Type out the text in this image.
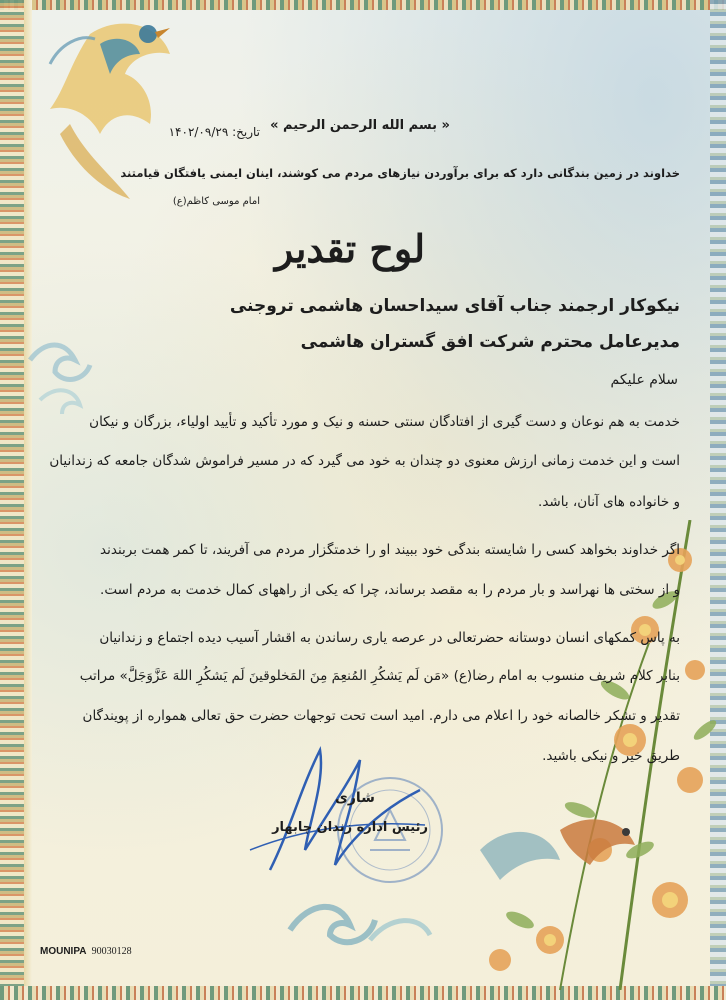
« بسم الله الرحمن الرحیم »
تاریخ: ۱۴۰۲/۰۹/۲۹
خداوند در زمین بندگانی دارد که برای برآوردن نیازهای مردم می کوشند، اینان ایمنی یافتگان قیامتند
امام موسی کاظم(ع)
لوح تقدیر
نیکوکار ارجمند جناب آقای سیداحسان هاشمی تروجنی
مدیرعامل محترم شرکت افق گستران هاشمی
سلام علیکم
خدمت به هم نوعان و دست گیری از افتادگان سنتی حسنه و نیک و مورد تأکید و تأیید اولیاء، بزرگان و نیکان
است و این خدمت زمانی ارزش معنوی دو چندان به خود می گیرد که در مسیر فراموش شدگان جامعه که زندانیان
و خانواده های آنان، باشد.
اگر خداوند بخواهد کسی را شایسته بندگی خود ببیند او را خدمتگزار مردم می آفریند، تا کمر همت بربندند
و از سختی ها نهراسد و بار مردم را به مقصد برساند، چرا که یکی از راههای کمال خدمت به مردم است.
به پاس کمکهای انسان دوستانه حضرتعالی در عرصه یاری رساندن به اقشار آسیب دیده اجتماع و زندانیان
بنابر کلام شریف منسوب به امام رضا(ع) «مَن لَم یَشکُرِ المُنعِمَ مِنَ المَخلوقینَ لَم یَشکُرِ اللهَ عَزَّوَجَلَّ» مراتب
تقدیر و تشکر خالصانه خود را اعلام می دارم. امید است تحت توجهات حضرت حق تعالی همواره از پویندگان
طریق خیر و نیکی باشید.
شاری
رئیس اداره زندان چابهار
MOUNIPA 90030128
